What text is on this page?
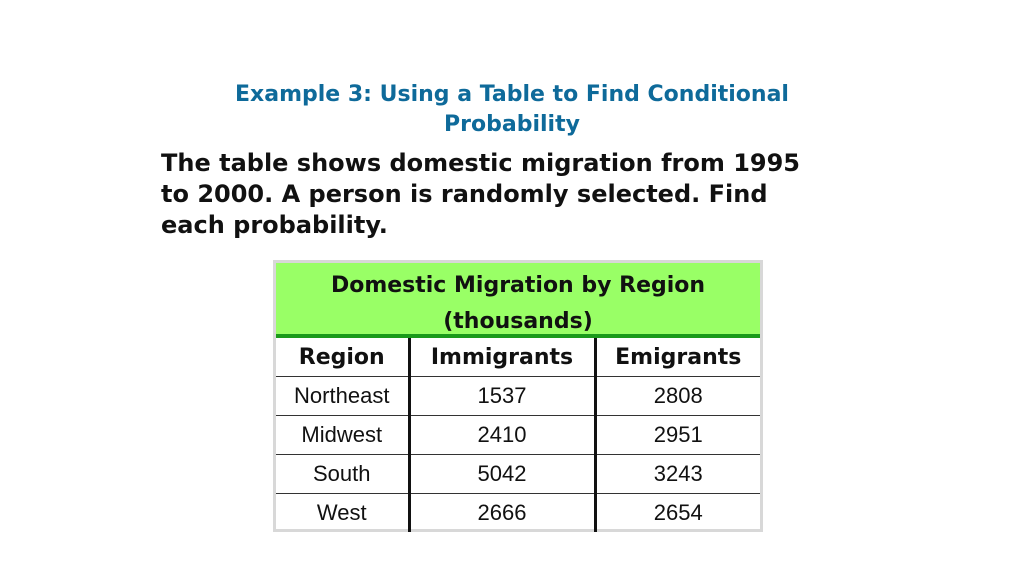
Example 3: Using a Table to Find Conditional
Probability
The table shows domestic migration from 1995
to 2000. A person is randomly selected. Find
each probability.
Domestic Migration by Region
(thousands)
Region	Immigrants	Emigrants
Northeast	1537	2808
Midwest	2410	2951
South	5042	3243
West	2666	2654
